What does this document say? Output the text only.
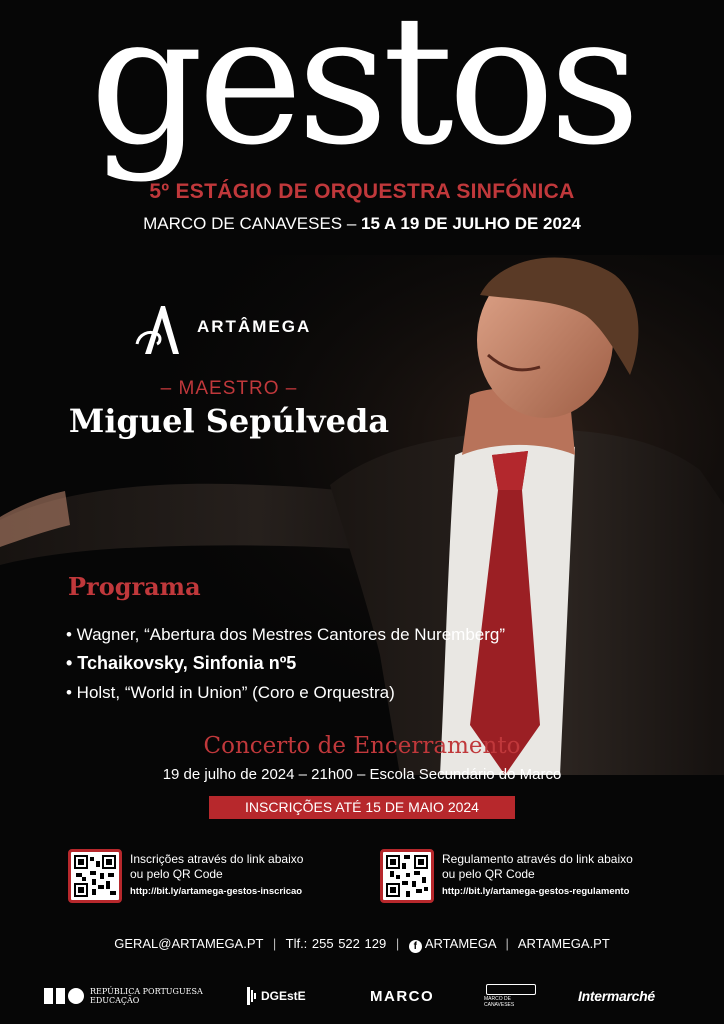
gestos
5º ESTÁGIO DE ORQUESTRA SINFÓNICA
MARCO DE CANAVESES – 15 A 19 DE JULHO DE 2024
ARTÂMEGA
– MAESTRO –
Miguel Sepúlveda
Programa
• Wagner, “Abertura dos Mestres Cantores de Nuremberg”
• Tchaikovsky, Sinfonia nº5
• Holst, “World in Union” (Coro e Orquestra)
Concerto de Encerramento
19 de julho de 2024 – 21h00 – Escola Secundário do Marco
INSCRIÇÕES ATÉ 15 DE MAIO 2024
Inscrições através do link abaixo
ou pelo QR Code
http://bit.ly/artamega-gestos-inscricao
Regulamento através do link abaixo
ou pelo QR Code
http://bit.ly/artamega-gestos-regulamento
GERAL@ARTAMEGA.PT | Tlf.: 255 522 129 | f ARTAMEGA | ARTAMEGA.PT
REPÚBLICA PORTUGUESA
EDUCAÇÃO	DGEstE	MARCO	MARCO DE CANAVESES
Intermarché
